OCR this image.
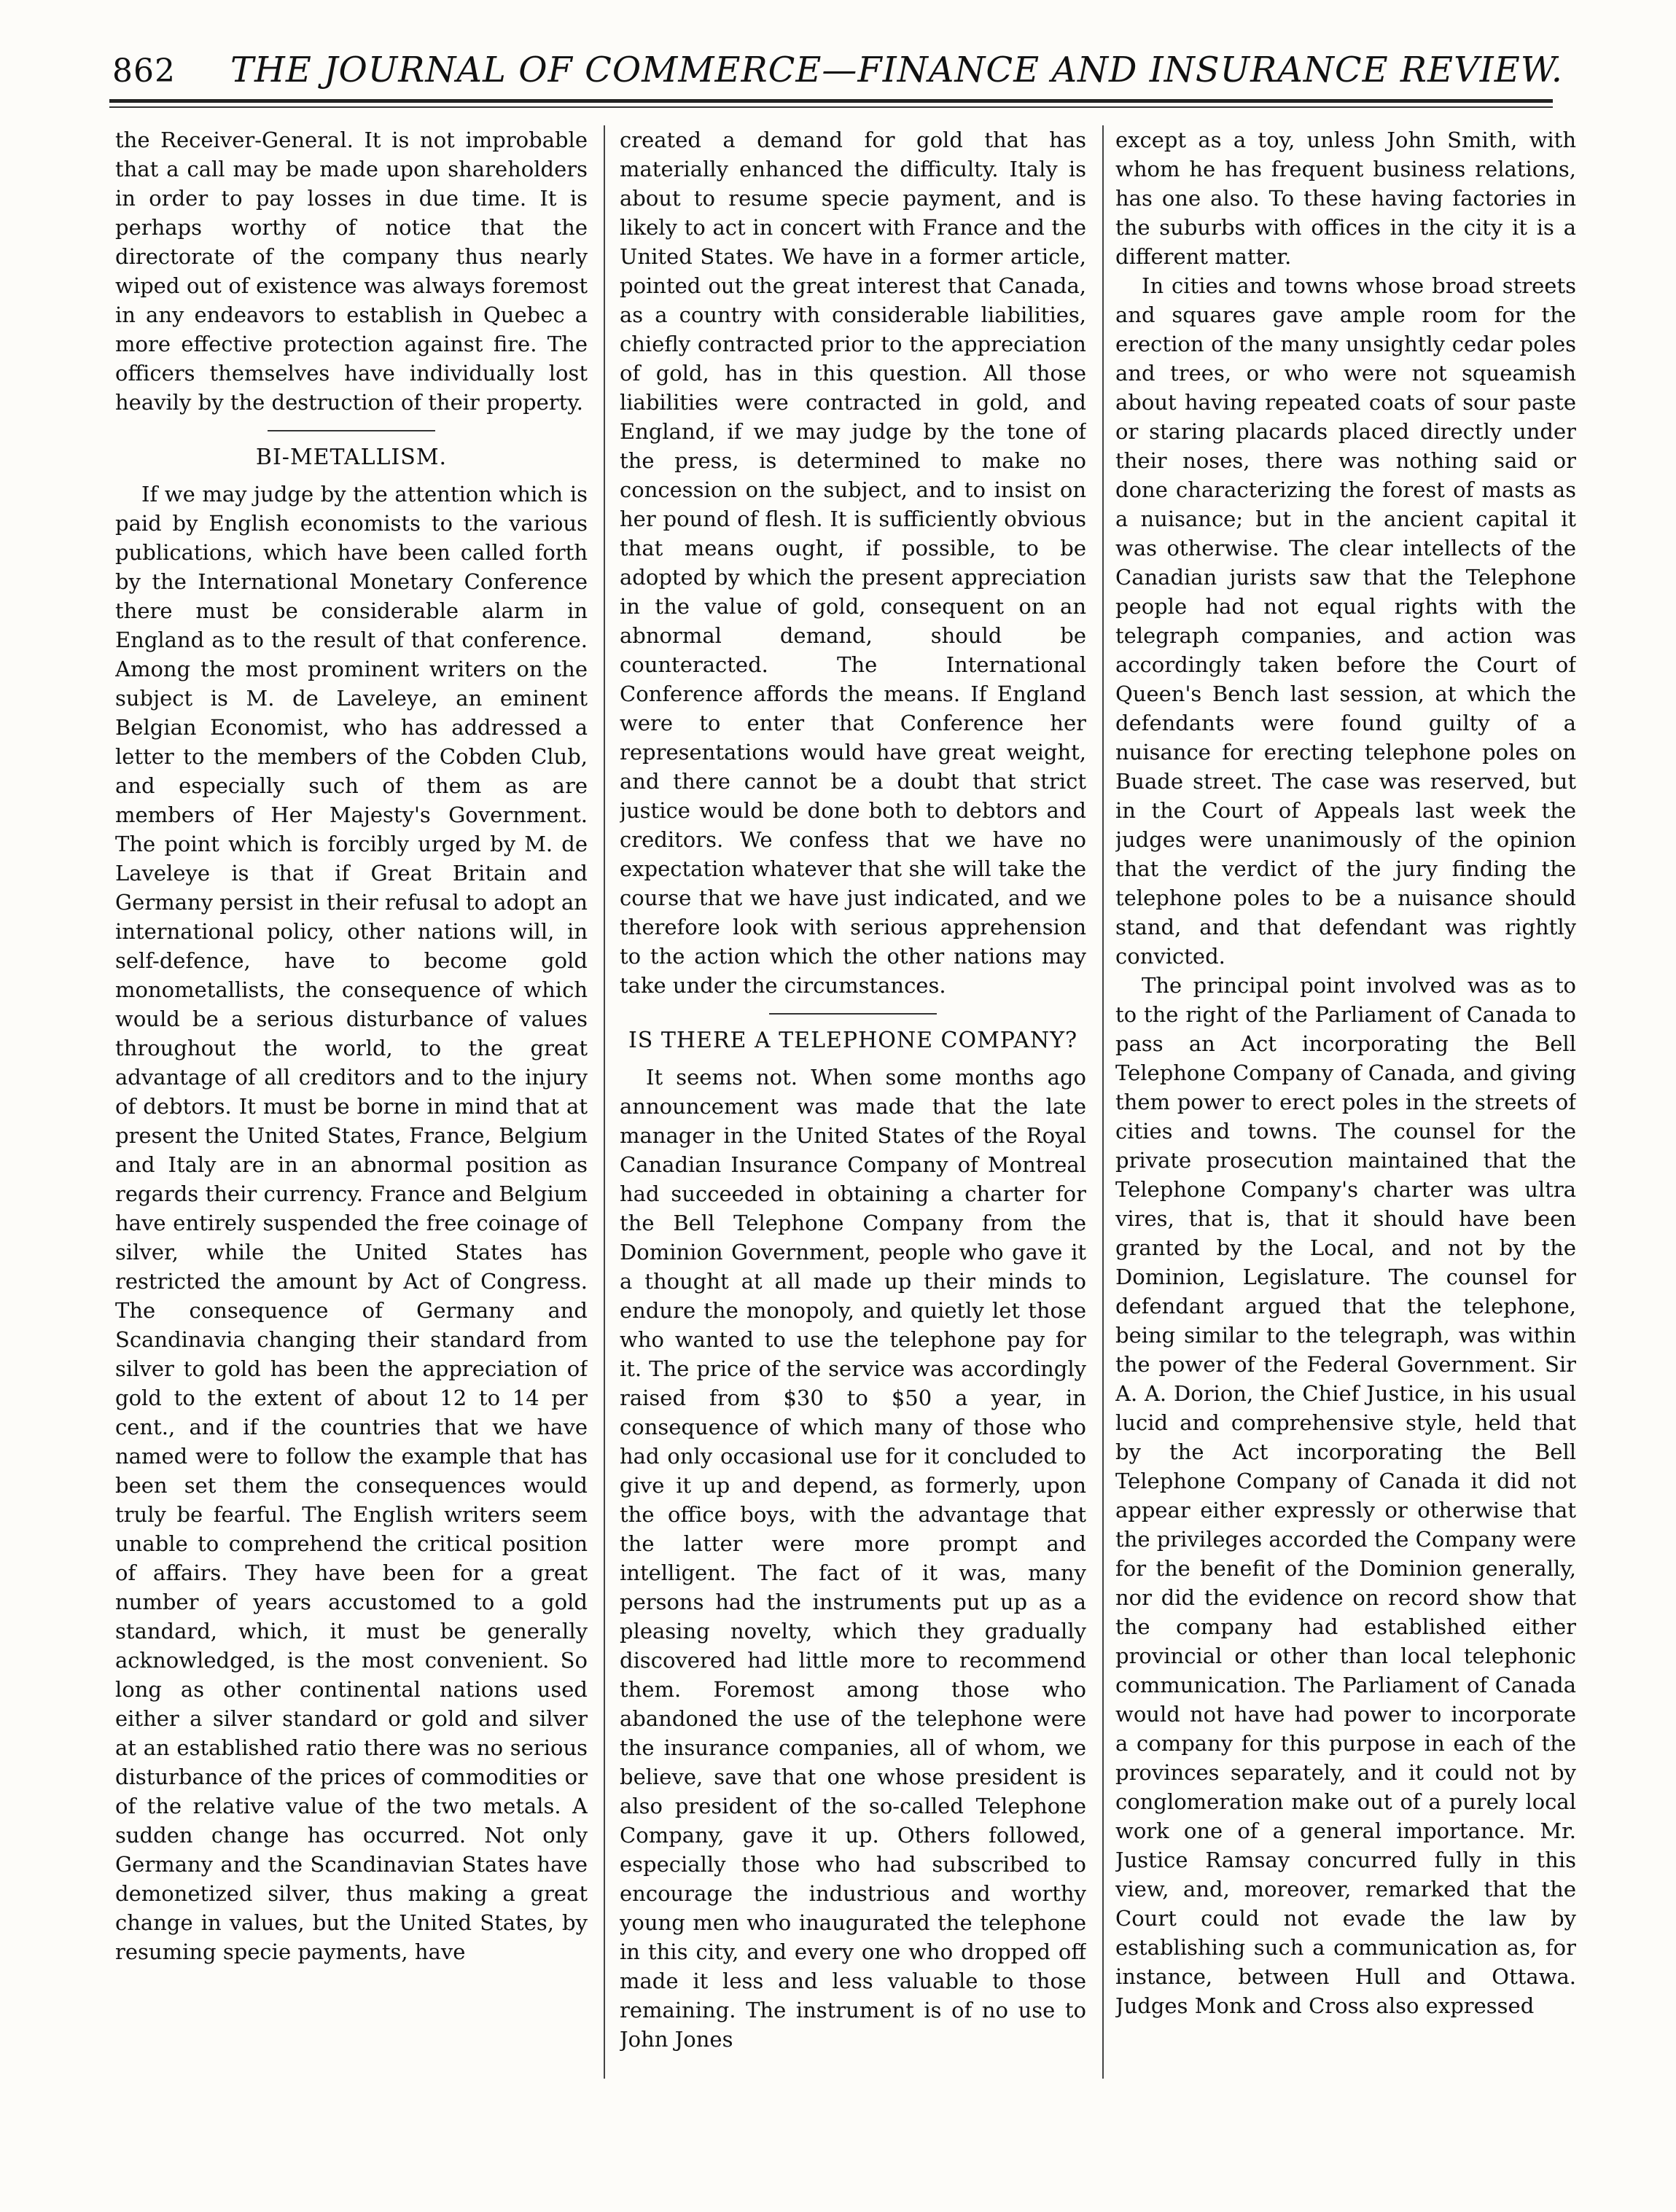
862 THE JOURNAL OF COMMERCE—FINANCE AND INSURANCE REVIEW.

the Receiver-General. It is not improbable that a call may be made upon shareholders in order to pay losses in due time. It is perhaps worthy of notice that the directorate of the company thus nearly wiped out of existence was always foremost in any endeavors to establish in Quebec a more effective protection against fire. The officers themselves have individually lost heavily by the destruction of their property.

BI-METALLISM.

If we may judge by the attention which is paid by English economists to the various publications, which have been called forth by the International Monetary Conference there must be considerable alarm in England as to the result of that conference. Among the most prominent writers on the subject is M. de Laveleye, an eminent Belgian Economist, who has addressed a letter to the members of the Cobden Club, and especially such of them as are members of Her Majesty's Government. The point which is forcibly urged by M. de Laveleye is that if Great Britain and Germany persist in their refusal to adopt an international policy, other nations will, in self-defence, have to become gold monometallists, the consequence of which would be a serious disturbance of values throughout the world, to the great advantage of all creditors and to the injury of debtors. It must be borne in mind that at present the United States, France, Belgium and Italy are in an abnormal position as regards their currency. France and Belgium have entirely suspended the free coinage of silver, while the United States has restricted the amount by Act of Congress. The consequence of Germany and Scandinavia changing their standard from silver to gold has been the appreciation of gold to the extent of about 12 to 14 per cent., and if the countries that we have named were to follow the example that has been set them the consequences would truly be fearful. The English writers seem unable to comprehend the critical position of affairs. They have been for a great number of years accustomed to a gold standard, which, it must be generally acknowledged, is the most convenient. So long as other continental nations used either a silver standard or gold and silver at an established ratio there was no serious disturbance of the prices of commodities or of the relative value of the two metals. A sudden change has occurred. Not only Germany and the Scandinavian States have demonetized silver, thus making a great change in values, but the United States, by resuming specie payments, have

created a demand for gold that has materially enhanced the difficulty. Italy is about to resume specie payment, and is likely to act in concert with France and the United States. We have in a former article, pointed out the great interest that Canada, as a country with considerable liabilities, chiefly contracted prior to the appreciation of gold, has in this question. All those liabilities were contracted in gold, and England, if we may judge by the tone of the press, is determined to make no concession on the subject, and to insist on her pound of flesh. It is sufficiently obvious that means ought, if possible, to be adopted by which the present appreciation in the value of gold, consequent on an abnormal demand, should be counteracted. The International Conference affords the means. If England were to enter that Conference her representations would have great weight, and there cannot be a doubt that strict justice would be done both to debtors and creditors. We confess that we have no expectation whatever that she will take the course that we have just indicated, and we therefore look with serious apprehension to the action which the other nations may take under the circumstances.

IS THERE A TELEPHONE COMPANY?

It seems not. When some months ago announcement was made that the late manager in the United States of the Royal Canadian Insurance Company of Montreal had succeeded in obtaining a charter for the Bell Telephone Company from the Dominion Government, people who gave it a thought at all made up their minds to endure the monopoly, and quietly let those who wanted to use the telephone pay for it. The price of the service was accordingly raised from $30 to $50 a year, in consequence of which many of those who had only occasional use for it concluded to give it up and depend, as formerly, upon the office boys, with the advantage that the latter were more prompt and intelligent. The fact of it was, many persons had the instruments put up as a pleasing novelty, which they gradually discovered had little more to recommend them. Foremost among those who abandoned the use of the telephone were the insurance companies, all of whom, we believe, save that one whose president is also president of the so-called Telephone Company, gave it up. Others followed, especially those who had subscribed to encourage the industrious and worthy young men who inaugurated the telephone in this city, and every one who dropped off made it less and less valuable to those remaining. The instrument is of no use to John Jones

except as a toy, unless John Smith, with whom he has frequent business relations, has one also. To these having factories in the suburbs with offices in the city it is a different matter.

In cities and towns whose broad streets and squares gave ample room for the erection of the many unsightly cedar poles and trees, or who were not squeamish about having repeated coats of sour paste or staring placards placed directly under their noses, there was nothing said or done characterizing the forest of masts as a nuisance; but in the ancient capital it was otherwise. The clear intellects of the Canadian jurists saw that the Telephone people had not equal rights with the telegraph companies, and action was accordingly taken before the Court of Queen's Bench last session, at which the defendants were found guilty of a nuisance for erecting telephone poles on Buade street. The case was reserved, but in the Court of Appeals last week the judges were unanimously of the opinion that the verdict of the jury finding the telephone poles to be a nuisance should stand, and that defendant was rightly convicted.

The principal point involved was as to to the right of the Parliament of Canada to pass an Act incorporating the Bell Telephone Company of Canada, and giving them power to erect poles in the streets of cities and towns. The counsel for the private prosecution maintained that the Telephone Company's charter was ultra vires, that is, that it should have been granted by the Local, and not by the Dominion, Legislature. The counsel for defendant argued that the telephone, being similar to the telegraph, was within the power of the Federal Government. Sir A. A. Dorion, the Chief Justice, in his usual lucid and comprehensive style, held that by the Act incorporating the Bell Telephone Company of Canada it did not appear either expressly or otherwise that the privileges accorded the Company were for the benefit of the Dominion generally, nor did the evidence on record show that the company had established either provincial or other than local telephonic communication. The Parliament of Canada would not have had power to incorporate a company for this purpose in each of the provinces separately, and it could not by conglomeration make out of a purely local work one of a general importance. Mr. Justice Ramsay concurred fully in this view, and, moreover, remarked that the Court could not evade the law by establishing such a communication as, for instance, between Hull and Ottawa. Judges Monk and Cross also expressed
